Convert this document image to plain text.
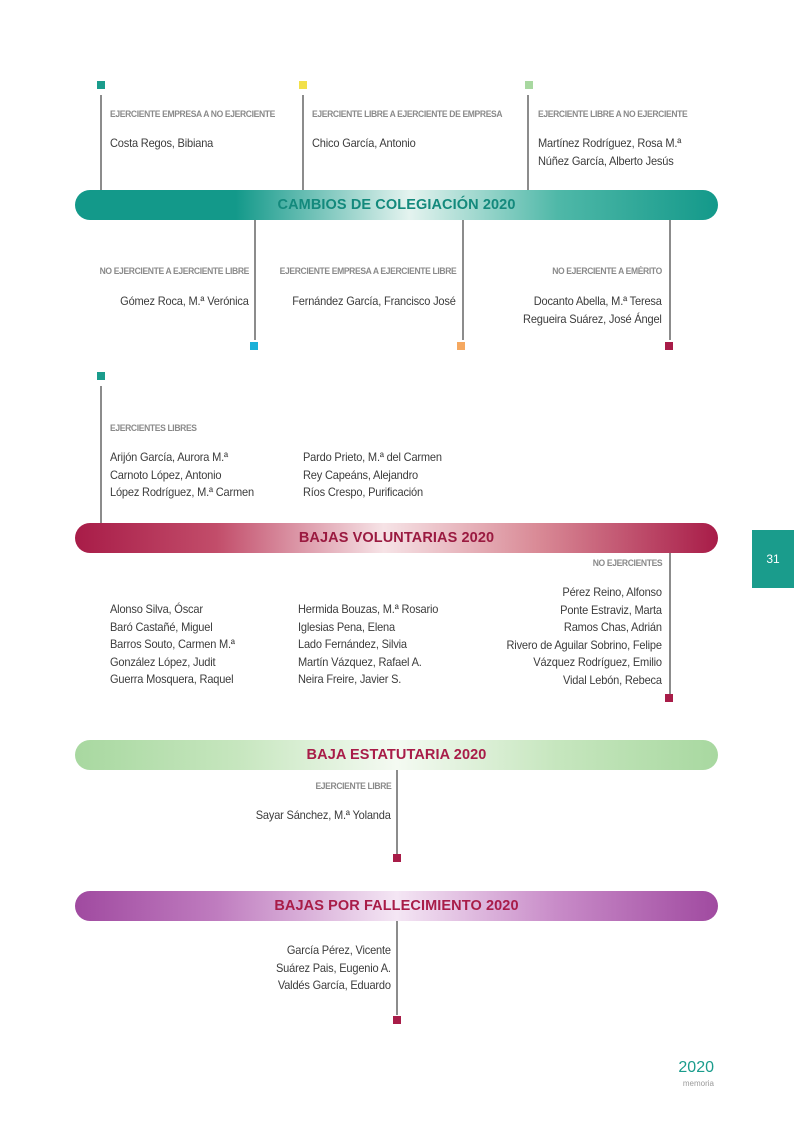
EJERCIENTE EMPRESA A NO EJERCIENTE
Costa Regos, Bibiana
EJERCIENTE LIBRE A EJERCIENTE DE EMPRESA
Chico García, Antonio
EJERCIENTE LIBRE A NO EJERCIENTE
Martínez Rodríguez, Rosa M.ª
Núñez García, Alberto Jesús
CAMBIOS DE COLEGIACIÓN 2020
NO EJERCIENTE A EJERCIENTE LIBRE
Gómez Roca, M.ª Verónica
EJERCIENTE EMPRESA A EJERCIENTE LIBRE
Fernández García, Francisco José
NO EJERCIENTE A EMÉRITO
Docanto Abella, M.ª Teresa
Regueira Suárez, José Ángel
EJERCIENTES LIBRES
Arijón García, Aurora M.ª
Carnoto López, Antonio
López Rodríguez, M.ª Carmen
Pardo Prieto, M.ª del Carmen
Rey Capeáns, Alejandro
Ríos Crespo, Purificación
BAJAS VOLUNTARIAS 2020
NO EJERCIENTES
Alonso Silva, Óscar
Baró Castañé, Miguel
Barros Souto, Carmen M.ª
González López, Judit
Guerra Mosquera, Raquel
Hermida Bouzas, M.ª Rosario
Iglesias Pena, Elena
Lado Fernández, Silvia
Martín Vázquez, Rafael A.
Neira Freire, Javier S.
Pérez Reino, Alfonso
Ponte Estraviz, Marta
Ramos Chas, Adrián
Rivero de Aguilar Sobrino, Felipe
Vázquez Rodríguez, Emilio
Vidal Lebón, Rebeca
BAJA ESTATUTARIA 2020
EJERCIENTE LIBRE
Sayar Sánchez, M.ª Yolanda
BAJAS POR FALLECIMIENTO 2020
García Pérez, Vicente
Suárez Pais, Eugenio A.
Valdés García, Eduardo
31
2020
memoria
